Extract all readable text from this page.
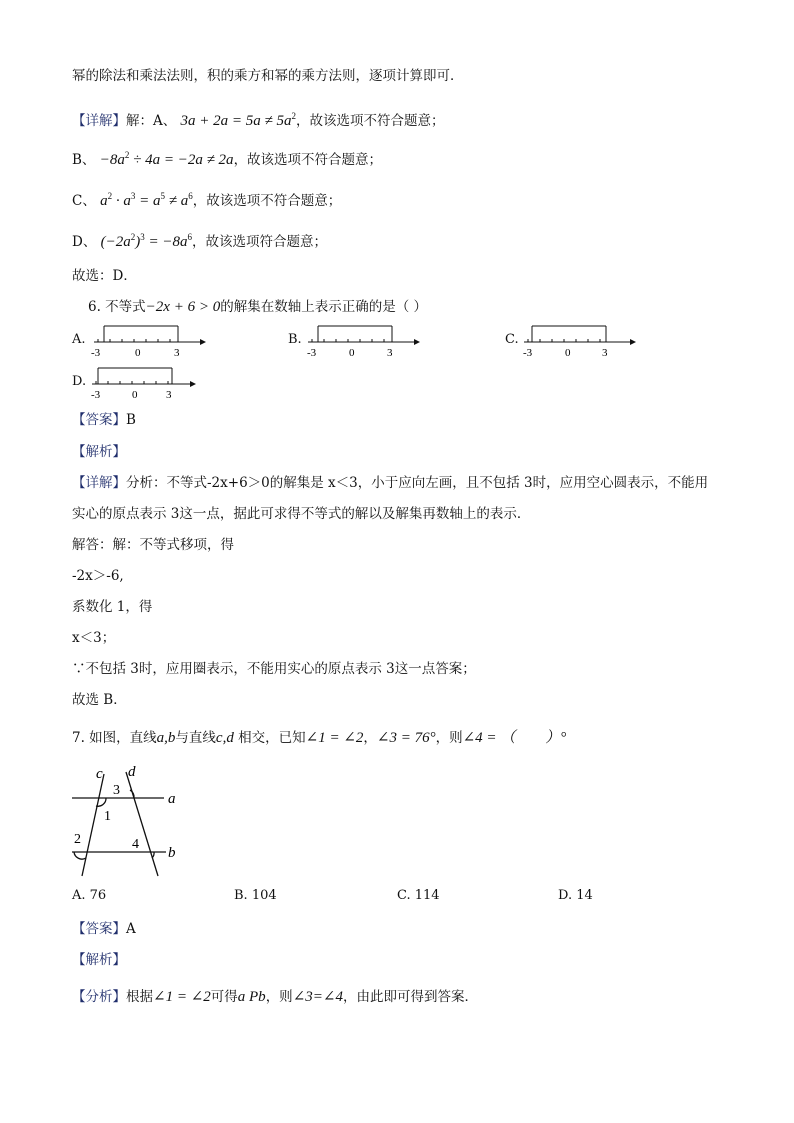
幂的除法和乘法法则，积的乘方和幂的乘方法则，逐项计算即可．
【详解】解：A、 $3a + 2a = 5a \ne 5a^2$，故该选项不符合题意；
B、 $-8a^2 \div 4a = -2a \ne 2a$，故该选项不符合题意；
C、 $a^2 \cdot a^3 = a^5 \ne a^6$，故该选项不符合题意；
D、 $(-2a^2)^3 = -8a^6$，故该选项符合题意；
故选：D．
6. 不等式−2x + 6 > 0的解集在数轴上表示正确的是（ ）
A.
-3	0	3
B.
-3	0	3
C.
-3	0	3
D.
-3	0	3
【答案】B
【解析】
【详解】分析：不等式-2x+6＞0的解集是 x＜3，小于应向左画，且不包括 3时，应用空心圆表示，不能用
实心的原点表示 3这一点，据此可求得不等式的解以及解集再数轴上的表示．
解答：解：不等式移项，得
-2x＞-6,
系数化 1，得
x＜3；
∵不包括 3时，应用圈表示，不能用实心的原点表示 3这一点答案；
故选 B．
7. 如图，直线a,b与直线c,d 相交，已知∠1 = ∠2，∠3 = 76°，则∠4 = （　　）°
c d
a
b
1
2
3
4
A. 76	B. 104	C. 114	D. 14
【答案】A
【解析】
【分析】根据∠1 = ∠2可得a Pb，则∠3=∠4，由此即可得到答案．
